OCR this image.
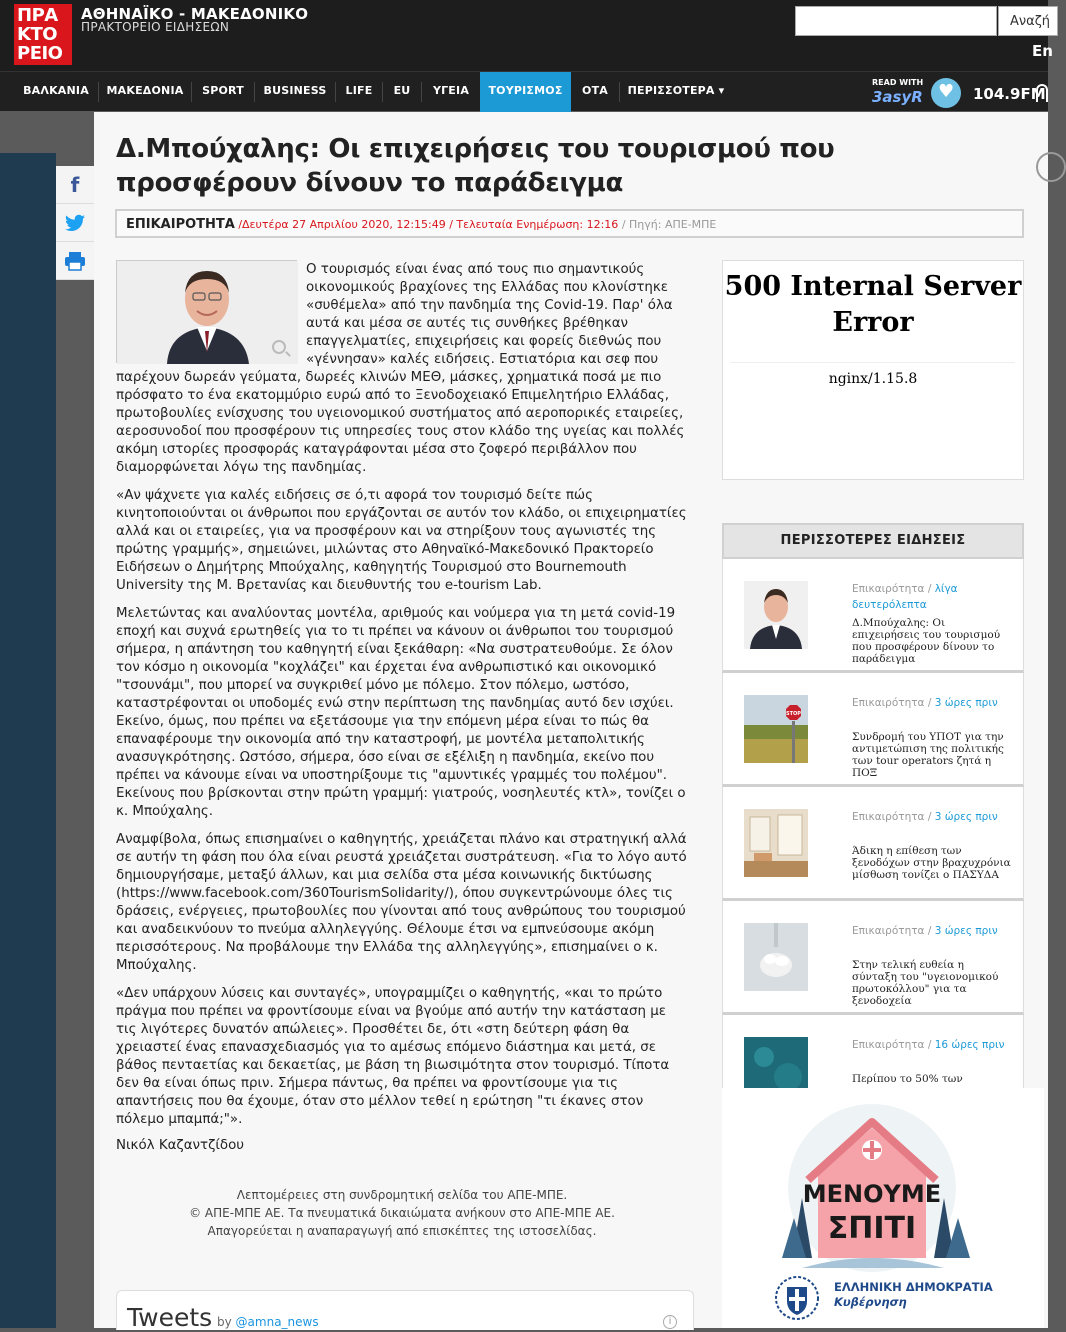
ΠΡΑ
ΚΤΟ
ΡΕΙΟ
ΑΘΗΝΑΪΚΟ - ΜΑΚΕΔΟΝΙΚΟ
ΠΡΑΚΤΟΡΕΙΟ ΕΙΔΗΣΕΩΝ	Αναζή
En
ΒΑΛΚΑΝΙΑ	ΜΑΚΕΔΟΝΙΑ	SPORT	BUSINESS	LIFE	EU	ΥΓΕΙΑ	ΤΟΥΡΙΣΜΟΣ	ΟΤΑ	ΠΕΡΙΣΣΟΤΕΡΑ ▾
READ WITH
3asyR
♥	104.9FM
f
Δ.Μπούχαλης: Οι επιχειρήσεις του τουρισμού που προσφέρουν δίνουν το παράδειγμα
ΕΠΙΚΑΙΡΟΤΗΤΑ /Δευτέρα 27 Απριλίου 2020, 12:15:49 / Τελευταία Ενημέρωση: 12:16 / Πηγή: ΑΠΕ-ΜΠΕ

Ο τουρισμός είναι ένας από τους πιο σημαντικούς οικονομικούς βραχίονες της Ελλάδας που κλονίστηκε «συθέμελα» από την πανδημία της Covid-19. Παρ' όλα αυτά και μέσα σε αυτές τις συνθήκες βρέθηκαν επαγγελματίες, επιχειρήσεις και φορείς διεθνώς που «γέννησαν» καλές ειδήσεις. Εστιατόρια και σεφ που παρέχουν δωρεάν γεύματα, δωρεές κλινών ΜΕΘ, μάσκες, χρηματικά ποσά με πιο πρόσφατο το ένα εκατομμύριο ευρώ από το Ξενοδοχειακό Επιμελητήριο Ελλάδας, πρωτοβουλίες ενίσχυσης του υγειονομικού συστήματος από αεροπορικές εταιρείες, αεροσυνοδοί που προσφέρουν τις υπηρεσίες τους στον κλάδο της υγείας και πολλές ακόμη ιστορίες προσφοράς καταγράφονται μέσα στο ζοφερό περιβάλλον που διαμορφώνεται λόγω της πανδημίας.

«Αν ψάχνετε για καλές ειδήσεις σε ό,τι αφορά τον τουρισμό δείτε πώς κινητοποιούνται οι άνθρωποι που εργάζονται σε αυτόν τον κλάδο, οι επιχειρηματίες αλλά και οι εταιρείες, για να προσφέρουν και να στηρίξουν τους αγωνιστές της πρώτης γραμμής», σημειώνει, μιλώντας στο Αθηναϊκό-Μακεδονικό Πρακτορείο Ειδήσεων ο Δημήτρης Μπούχαλης, καθηγητής Τουρισμού στο Bournemouth University της Μ. Βρετανίας και διευθυντής του e-tourism Lab.

Μελετώντας και αναλύοντας μοντέλα, αριθμούς και νούμερα για τη μετά covid-19 εποχή και συχνά ερωτηθείς για το τι πρέπει να κάνουν οι άνθρωποι του τουρισμού σήμερα, η απάντηση του καθηγητή είναι ξεκάθαρη: «Να συστρατευθούμε. Σε όλον τον κόσμο η οικονομία "κοχλάζει" και έρχεται ένα ανθρωπιστικό και οικονομικό "τσουνάμι", που μπορεί να συγκριθεί μόνο με πόλεμο. Στον πόλεμο, ωστόσο, καταστρέφονται οι υποδομές ενώ στην περίπτωση της πανδημίας αυτό δεν ισχύει. Εκείνο, όμως, που πρέπει να εξετάσουμε για την επόμενη μέρα είναι το πώς θα επαναφέρουμε την οικονομία από την καταστροφή, με μοντέλα μεταπολιτικής ανασυγκρότησης. Ωστόσο, σήμερα, όσο είναι σε εξέλιξη η πανδημία, εκείνο που πρέπει να κάνουμε είναι να υποστηρίξουμε τις "αμυντικές γραμμές του πολέμου". Εκείνους που βρίσκονται στην πρώτη γραμμή: γιατρούς, νοσηλευτές κτλ», τονίζει ο κ. Μπούχαλης.

Αναμφίβολα, όπως επισημαίνει ο καθηγητής, χρειάζεται πλάνο και στρατηγική αλλά σε αυτήν τη φάση που όλα είναι ρευστά χρειάζεται συστράτευση. «Για το λόγο αυτό δημιουργήσαμε, μεταξύ άλλων, και μια σελίδα στα μέσα κοινωνικής δικτύωσης (https://www.facebook.com/360TourismSolidarity/), όπου συγκεντρώνουμε όλες τις δράσεις, ενέργειες, πρωτοβουλίες που γίνονται από τους ανθρώπους του τουρισμού και αναδεικνύουν το πνεύμα αλληλεγγύης. Θέλουμε έτσι να εμπνεύσουμε ακόμη περισσότερους. Να προβάλουμε την Ελλάδα της αλληλεγγύης», επισημαίνει ο κ. Μπούχαλης.

«Δεν υπάρχουν λύσεις και συνταγές», υπογραμμίζει ο καθηγητής, «και το πρώτο πράγμα που πρέπει να φροντίσουμε είναι να βγούμε από αυτήν την κατάσταση με τις λιγότερες δυνατόν απώλειες». Προσθέτει δε, ότι «στη δεύτερη φάση θα χρειαστεί ένας επανασχεδιασμός για το αμέσως επόμενο διάστημα και μετά, σε βάθος πενταετίας και δεκαετίας, με βάση τη βιωσιμότητα στον τουρισμό. Τίποτα δεν θα είναι όπως πριν. Σήμερα πάντως, θα πρέπει να φροντίσουμε για τις απαντήσεις που θα έχουμε, όταν στο μέλλον τεθεί η ερώτηση "τι έκανες στον πόλεμο μπαμπά;"».

Νικόλ Καζαντζίδου
Λεπτομέρειες στη συνδρομητική σελίδα του ΑΠΕ-ΜΠΕ.
© ΑΠΕ-ΜΠΕ ΑΕ. Τα πνευματικά δικαιώματα ανήκουν στο ΑΠΕ-ΜΠΕ ΑΕ.
Απαγορεύεται η αναπαραγωγή από επισκέπτες της ιστοσελίδας.
Tweets by @amna_news	i
500 Internal Server Error
nginx/1.15.8
ΠΕΡΙΣΣΟΤΕΡΕΣ ΕΙΔΗΣΕΙΣ
Επικαιρότητα / λίγα δευτερόλεπτα
Δ.Μπούχαλης: Οι επιχειρήσεις του τουρισμού που προσφέρουν δίνουν το παράδειγμα
STOP
Επικαιρότητα / 3 ώρες πριν
Συνδρομή του ΥΠΟΤ για την αντιμετώπιση της πολιτικής των tour operators ζητά η ΠΟΞ
Επικαιρότητα / 3 ώρες πριν
Άδικη η επίθεση των ξενοδόχων στην βραχυχρόνια μίσθωση τονίζει ο ΠΑΣΥΔΑ
Επικαιρότητα / 3 ώρες πριν
Στην τελική ευθεία η σύνταξη του "υγειονομικού πρωτοκόλλου" για τα ξενοδοχεία
Επικαιρότητα / 16 ώρες πριν
Περίπου το 50% των
ΜΕΝΟΥΜΕ
ΣΠΙΤΙ
ΕΛΛΗΝΙΚΗ ΔΗΜΟΚΡΑΤΙΑ
Κυβέρνηση
